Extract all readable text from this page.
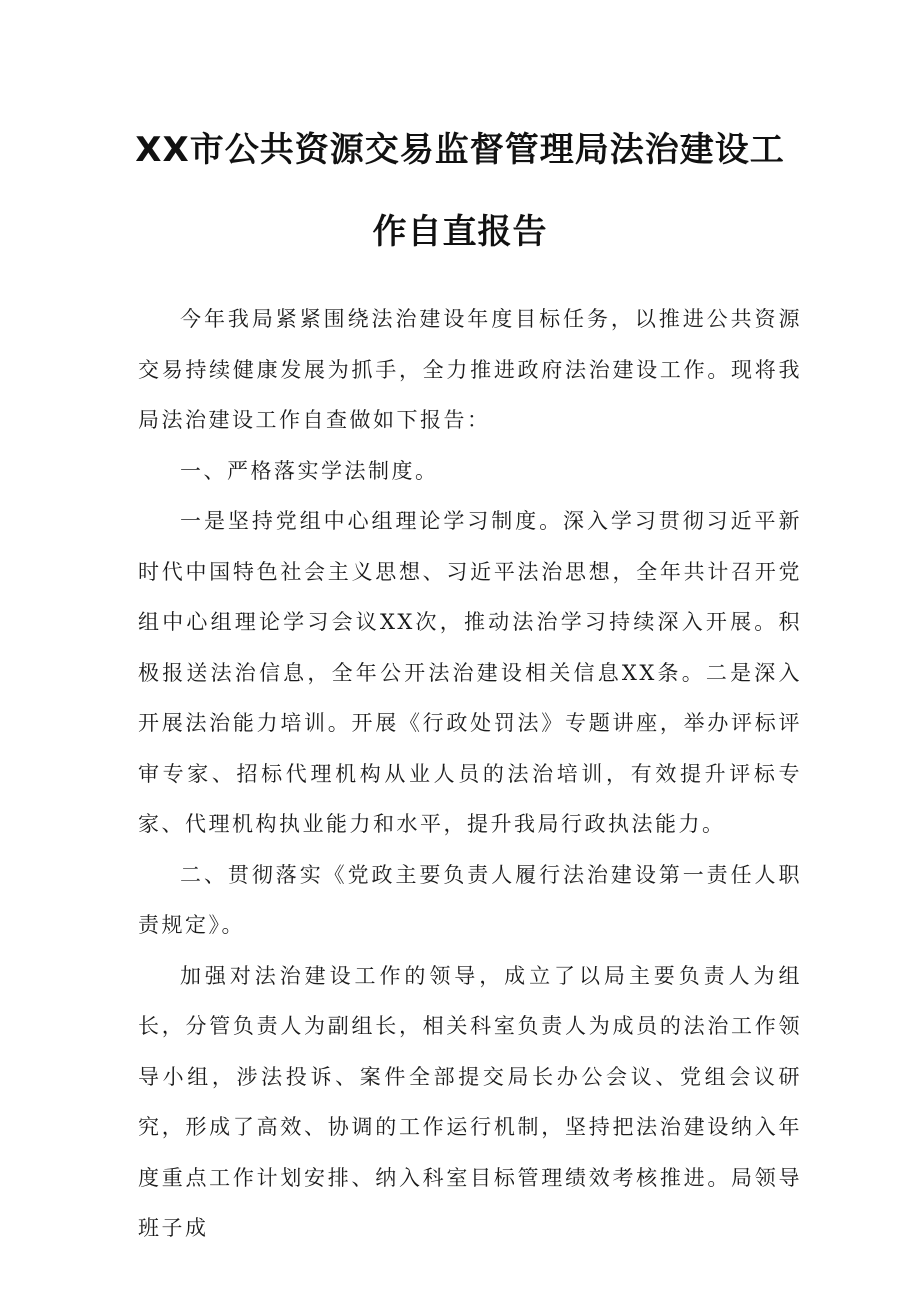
XX市公共资源交易监督管理局法治建设工
作自直报告

今年我局紧紧围绕法治建设年度目标任务，以推进公共资源交易持续健康发展为抓手，全力推进政府法治建设工作。现将我局法治建设工作自查做如下报告：

一、严格落实学法制度。

一是坚持党组中心组理论学习制度。深入学习贯彻习近平新时代中国特色社会主义思想、习近平法治思想，全年共计召开党组中心组理论学习会议XX次，推动法治学习持续深入开展。积极报送法治信息，全年公开法治建设相关信息XX条。二是深入开展法治能力培训。开展《行政处罚法》专题讲座，举办评标评审专家、招标代理机构从业人员的法治培训，有效提升评标专家、代理机构执业能力和水平，提升我局行政执法能力。

二、贯彻落实《党政主要负责人履行法治建设第一责任人职责规定》。

加强对法治建设工作的领导，成立了以局主要负责人为组长，分管负责人为副组长，相关科室负责人为成员的法治工作领导小组，涉法投诉、案件全部提交局长办公会议、党组会议研究，形成了高效、协调的工作运行机制，坚持把法治建设纳入年度重点工作计划安排、纳入科室目标管理绩效考核推进。局领导班子成
